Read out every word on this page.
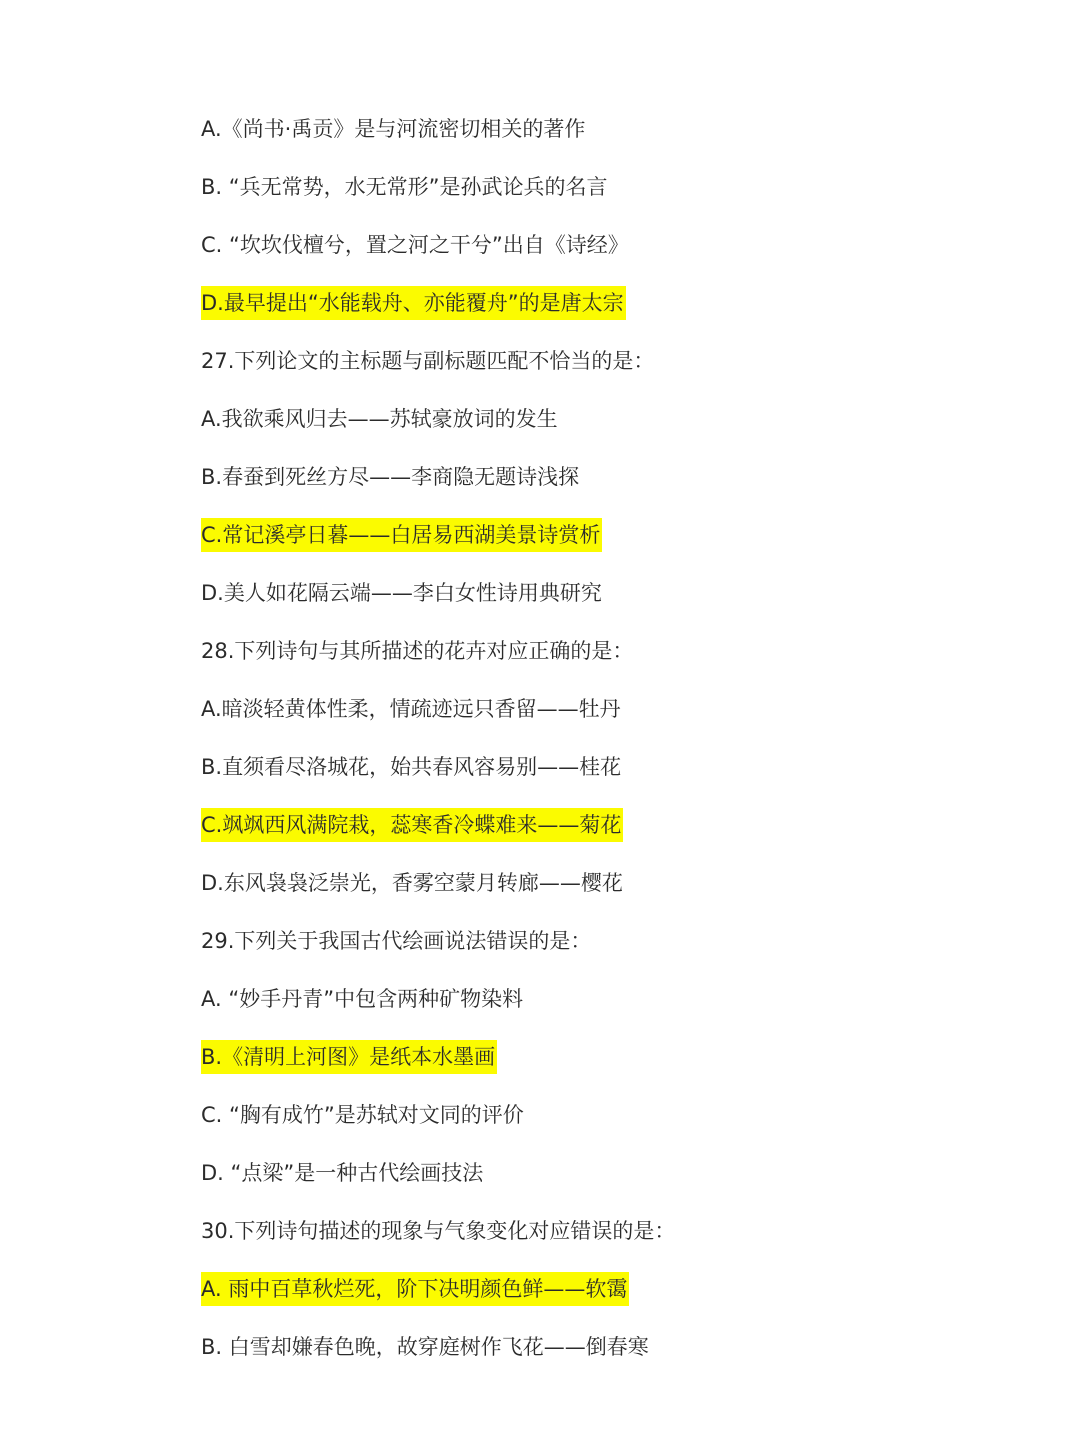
A.《尚书·禹贡》是与河流密切相关的著作
B. “兵无常势，水无常形”是孙武论兵的名言
C. “坎坎伐檀兮，置之河之干兮”出自《诗经》
D.最早提出“水能载舟、亦能覆舟”的是唐太宗
27.下列论文的主标题与副标题匹配不恰当的是：
A.我欲乘风归去——苏轼豪放词的发生
B.春蚕到死丝方尽——李商隐无题诗浅探
C.常记溪亭日暮——白居易西湖美景诗赏析
D.美人如花隔云端——李白女性诗用典研究
28.下列诗句与其所描述的花卉对应正确的是：
A.暗淡轻黄体性柔，情疏迹远只香留——牡丹
B.直须看尽洛城花，始共春风容易别——桂花
C.飒飒西风满院栽，蕊寒香冷蝶难来——菊花
D.东风袅袅泛崇光，香雾空蒙月转廊——樱花
29.下列关于我国古代绘画说法错误的是：
A. “妙手丹青”中包含两种矿物染料
B.《清明上河图》是纸本水墨画
C. “胸有成竹”是苏轼对文同的评价
D. “点梁”是一种古代绘画技法
30.下列诗句描述的现象与气象变化对应错误的是：
A. 雨中百草秋烂死，阶下决明颜色鲜——软霭
B. 白雪却嫌春色晚，故穿庭树作飞花——倒春寒
